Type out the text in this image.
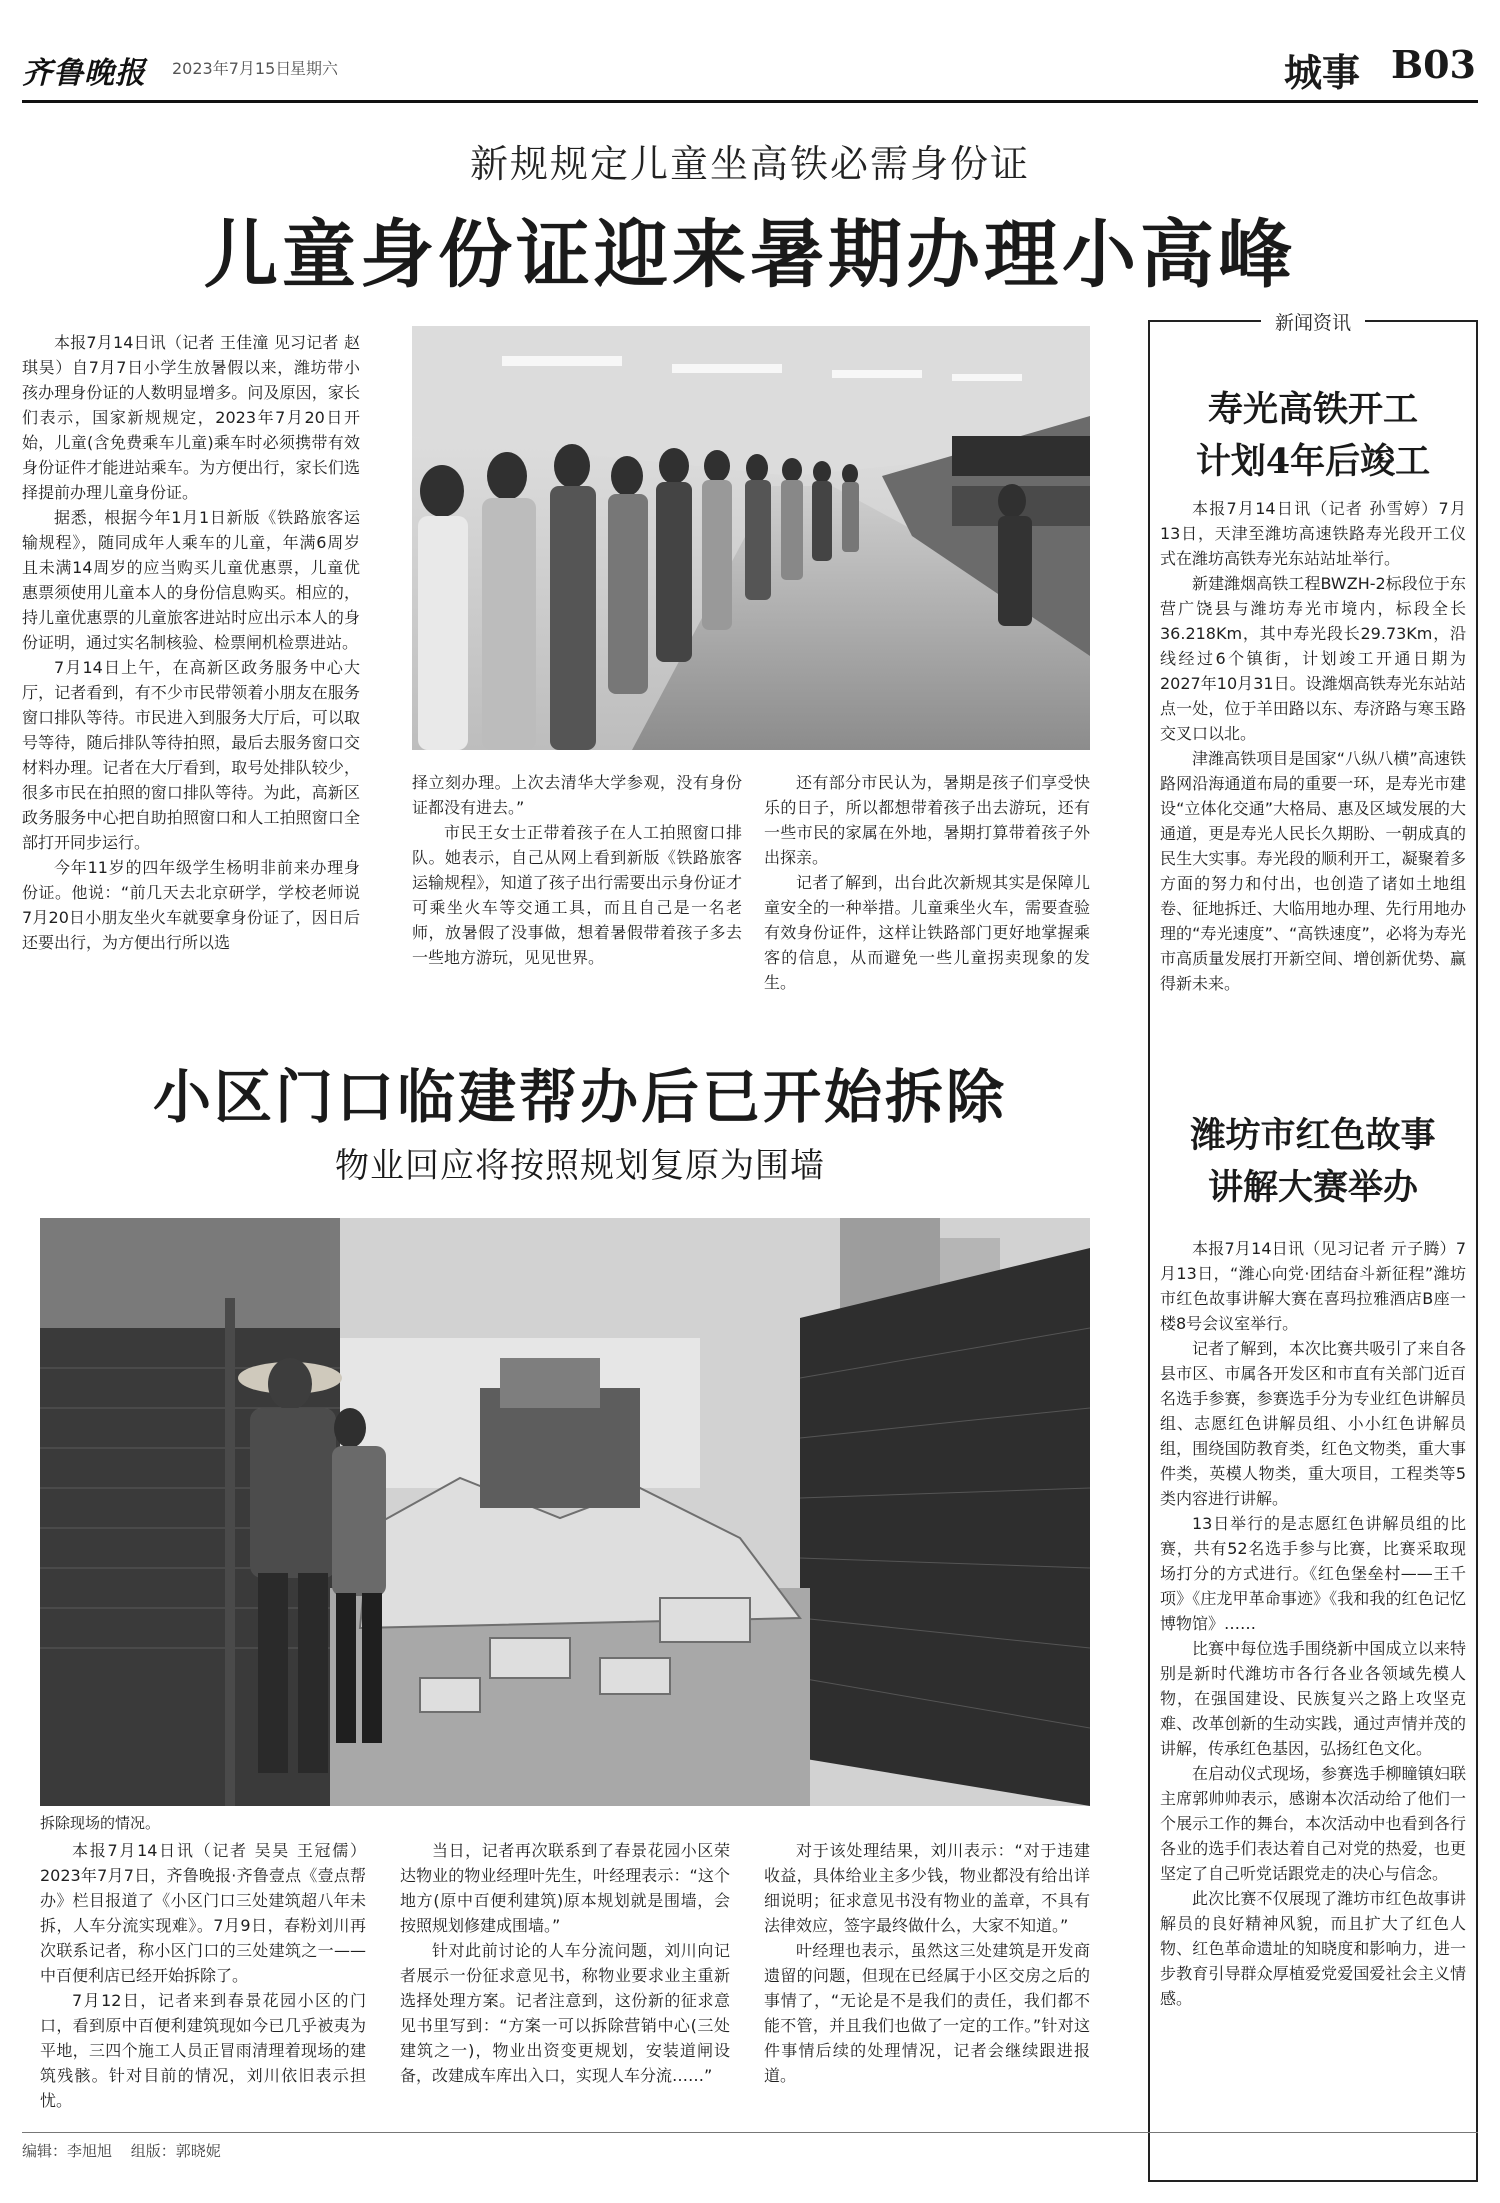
齐鲁晚报 2023年7月15日
星期六	城事 B03
新规规定儿童坐高铁必需身份证
儿童身份证迎来暑期办理小高峰

本报7月14日讯（记者 王佳潼 见习记者 赵琪昊）自7月7日小学生放暑假以来，潍坊带小孩办理身份证的人数明显增多。问及原因，家长们表示，国家新规规定，2023年7月20日开始，儿童(含免费乘车儿童)乘车时必须携带有效身份证件才能进站乘车。为方便出行，家长们选择提前办理儿童身份证。

据悉，根据今年1月1日新版《铁路旅客运输规程》，随同成年人乘车的儿童，年满6周岁且未满14周岁的应当购买儿童优惠票，儿童优惠票须使用儿童本人的身份信息购买。相应的，持儿童优惠票的儿童旅客进站时应出示本人的身份证明，通过实名制核验、检票闸机检票进站。

7月14日上午，在高新区政务服务中心大厅，记者看到，有不少市民带领着小朋友在服务窗口排队等待。市民进入到服务大厅后，可以取号等待，随后排队等待拍照，最后去服务窗口交材料办理。记者在大厅看到，取号处排队较少，很多市民在拍照的窗口排队等待。为此，高新区政务服务中心把自助拍照窗口和人工拍照窗口全部打开同步运行。

今年11岁的四年级学生杨明非前来办理身份证。他说：“前几天去北京研学，学校老师说7月20日小朋友坐火车就要拿身份证了，因日后还要出行，为方便出行所以选

择立刻办理。上次去清华大学参观，没有身份证都没有进去。”

市民王女士正带着孩子在人工拍照窗口排队。她表示，自己从网上看到新版《铁路旅客运输规程》，知道了孩子出行需要出示身份证才可乘坐火车等交通工具，而且自己是一名老师，放暑假了没事做，想着暑假带着孩子多去一些地方游玩，见见世界。

还有部分市民认为，暑期是孩子们享受快乐的日子，所以都想带着孩子出去游玩，还有一些市民的家属在外地，暑期打算带着孩子外出探亲。

记者了解到，出台此次新规其实是保障儿童安全的一种举措。儿童乘坐火车，需要查验有效身份证件，这样让铁路部门更好地掌握乘客的信息，从而避免一些儿童拐卖现象的发生。

新闻资讯
寿光高铁开工
计划4年后竣工

本报7月14日讯（记者 孙雪婷）7月13日，天津至潍坊高速铁路寿光段开工仪式在潍坊高铁寿光东站站址举行。

新建潍烟高铁工程BWZH-2标段位于东营广饶县与潍坊寿光市境内，标段全长36.218Km，其中寿光段长29.73Km，沿线经过6个镇街，计划竣工开通日期为2027年10月31日。设潍烟高铁寿光东站站点一处，位于羊田路以东、寿济路与寒玉路交叉口以北。

津潍高铁项目是国家“八纵八横”高速铁路网沿海通道布局的重要一环，是寿光市建设“立体化交通”大格局、惠及区域发展的大通道，更是寿光人民长久期盼、一朝成真的民生大实事。寿光段的顺利开工，凝聚着多方面的努力和付出，也创造了诸如土地组卷、征地拆迁、大临用地办理、先行用地办理的“寿光速度”、“高铁速度”，必将为寿光市高质量发展打开新空间、增创新优势、赢得新未来。

潍坊市红色故事
讲解大赛举办

本报7月14日讯（见习记者 亓子腾）7月13日，“潍心向党·团结奋斗新征程”潍坊市红色故事讲解大赛在喜玛拉雅酒店B座一楼8号会议室举行。

记者了解到，本次比赛共吸引了来自各县市区、市属各开发区和市直有关部门近百名选手参赛，参赛选手分为专业红色讲解员组、志愿红色讲解员组、小小红色讲解员组，围绕国防教育类，红色文物类，重大事件类，英模人物类，重大项目，工程类等5类内容进行讲解。

13日举行的是志愿红色讲解员组的比赛，共有52名选手参与比赛，比赛采取现场打分的方式进行。《红色堡垒村——王千项》《庄龙甲革命事迹》《我和我的红色记忆博物馆》……

比赛中每位选手围绕新中国成立以来特别是新时代潍坊市各行各业各领域先模人物，在强国建设、民族复兴之路上攻坚克难、改革创新的生动实践，通过声情并茂的讲解，传承红色基因，弘扬红色文化。

在启动仪式现场，参赛选手柳瞳镇妇联主席郭帅帅表示，感谢本次活动给了他们一个展示工作的舞台，本次活动中也看到各行各业的选手们表达着自己对党的热爱，也更坚定了自己听党话跟党走的决心与信念。

此次比赛不仅展现了潍坊市红色故事讲解员的良好精神风貌，而且扩大了红色人物、红色革命遗址的知晓度和影响力，进一步教育引导群众厚植爱党爱国爱社会主义情感。

小区门口临建帮办后已开始拆除
物业回应将按照规划复原为围墙
拆除现场的情况。

本报7月14日讯（记者 吴昊 王冠儒）2023年7月7日，齐鲁晚报·齐鲁壹点《壹点帮办》栏目报道了《小区门口三处建筑超八年未拆，人车分流实现难》。7月9日，春粉刘川再次联系记者，称小区门口的三处建筑之一——中百便利店已经开始拆除了。

7月12日，记者来到春景花园小区的门口，看到原中百便利建筑现如今已几乎被夷为平地，三四个施工人员正冒雨清理着现场的建筑残骸。针对目前的情况，刘川依旧表示担忧。

当日，记者再次联系到了春景花园小区荣达物业的物业经理叶先生，叶经理表示：“这个地方(原中百便利建筑)原本规划就是围墙，会按照规划修建成围墙。”

针对此前讨论的人车分流问题，刘川向记者展示一份征求意见书，称物业要求业主重新选择处理方案。记者注意到，这份新的征求意见书里写到：“方案一可以拆除营销中心(三处建筑之一)，物业出资变更规划，安装道闸设备，改建成车库出入口，实现人车分流……”

对于该处理结果，刘川表示：“对于违建收益，具体给业主多少钱，物业都没有给出详细说明；征求意见书没有物业的盖章，不具有法律效应，签字最终做什么，大家不知道。”

叶经理也表示，虽然这三处建筑是开发商遗留的问题，但现在已经属于小区交房之后的事情了，“无论是不是我们的责任，我们都不能不管，并且我们也做了一定的工作。”针对这件事情后续的处理情况，记者会继续跟进报道。

编辑：李旭旭 组版：郭晓妮
